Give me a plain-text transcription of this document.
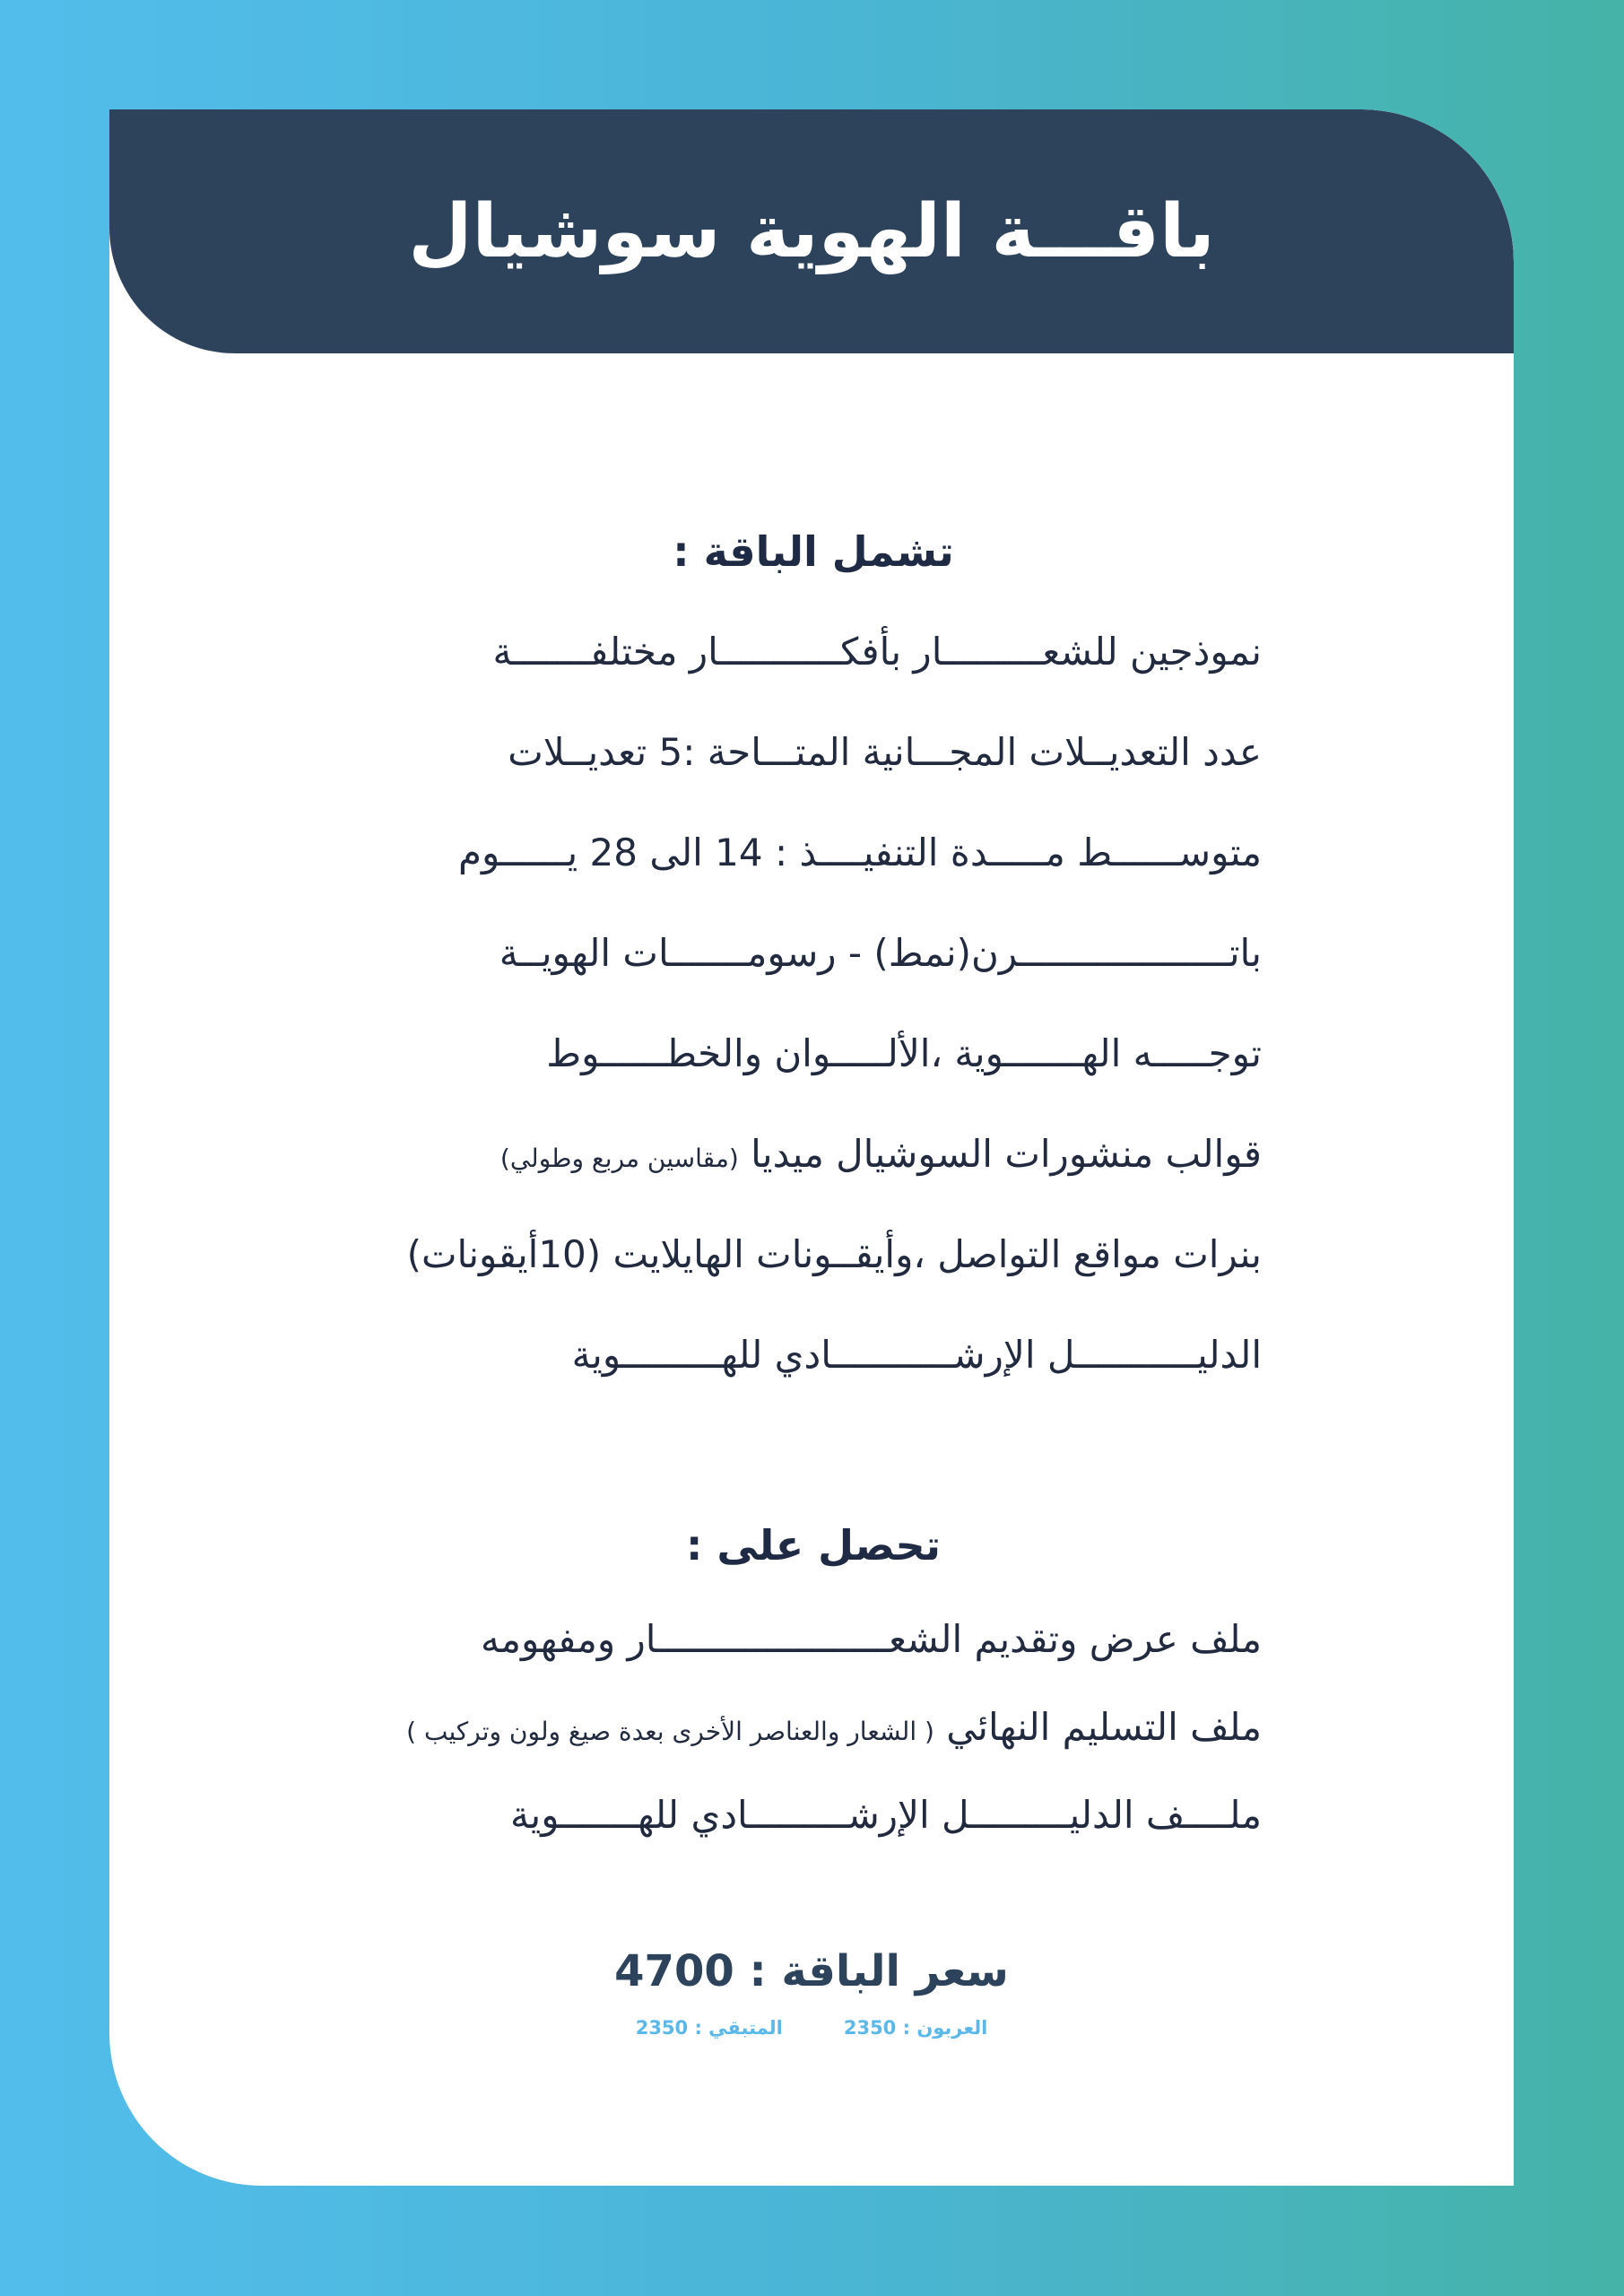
باقـــة الهوية سوشيال
تشمل الباقة :

نموذجين للشعـــــــــار بأفكـــــــــــار مختلفـــــــة

عدد التعديــلات المجـــانية المتـــاحة :5 تعديــلات

متوســــــط مـــــدة التنفيــــذ : 14 الى 28 يــــــوم

باتـــــــــــــــــــرن(نمط) - رسومـــــــات الهويــة

توجـــــه الهـــــــوية ،الألـــــوان والخطــــــوط

قوالب منشورات السوشيال ميديا (مقاسين مربع وطولي)

بنرات مواقع التواصل ،وأيقــونات الهايلايت (10أيقونات)

الدليـــــــــــل الإرشـــــــــــادي للهـــــــــوية

تحصل على :

ملف عرض وتقديم الشعـــــــــــــــــــــار ومفهومه

ملف التسليم النهائي ( الشعار والعناصر الأخرى بعدة صيغ ولون وتركيب )

ملــــف الدليـــــــــل الإرشـــــــــادي للهـــــــوية

سعر الباقة : 4700

العربون : 2350
المتبقي : 2350
